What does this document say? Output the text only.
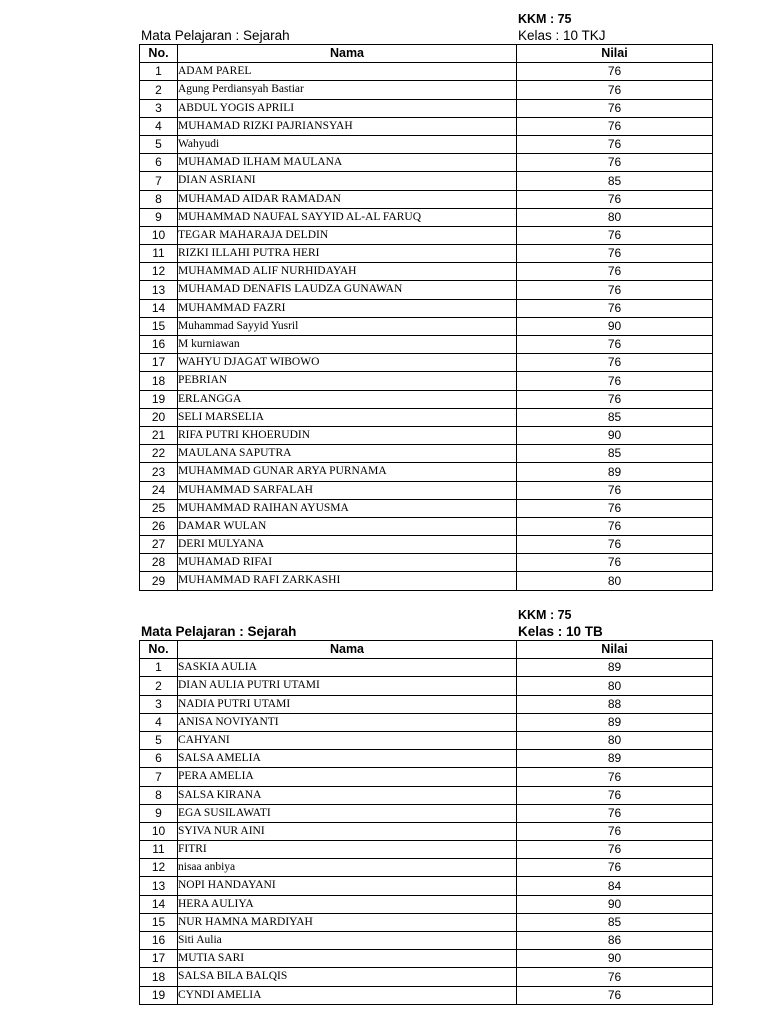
KKM : 75
Mata Pelajaran : Sejarah	Kelas : 10 TKJ
No.	Nama	Nilai
1	ADAM PAREL	76
2	Agung Perdiansyah Bastiar	76
3	ABDUL YOGIS APRILI	76
4	MUHAMAD RIZKI PAJRIANSYAH	76
5	Wahyudi	76
6	MUHAMAD ILHAM MAULANA	76
7	DIAN ASRIANI	85
8	MUHAMAD AIDAR RAMADAN	76
9	MUHAMMAD NAUFAL SAYYID AL-AL FARUQ	80
10	TEGAR MAHARAJA DELDIN	76
11	RIZKI ILLAHI PUTRA HERI	76
12	MUHAMMAD ALIF NURHIDAYAH	76
13	MUHAMAD DENAFIS LAUDZA GUNAWAN	76
14	MUHAMMAD FAZRI	76
15	Muhammad Sayyid Yusril	90
16	M kurniawan	76
17	WAHYU DJAGAT WIBOWO	76
18	PEBRIAN	76
19	ERLANGGA	76
20	SELI MARSELIA	85
21	RIFA PUTRI KHOERUDIN	90
22	MAULANA SAPUTRA	85
23	MUHAMMAD GUNAR ARYA PURNAMA	89
24	MUHAMMAD SARFALAH	76
25	MUHAMMAD RAIHAN AYUSMA	76
26	DAMAR WULAN	76
27	DERI MULYANA	76
28	MUHAMAD RIFAI	76
29	MUHAMMAD RAFI ZARKASHI	80
KKM : 75
Mata Pelajaran : Sejarah	Kelas : 10 TB
No.	Nama	Nilai
1	SASKIA AULIA	89
2	DIAN AULIA PUTRI UTAMI	80
3	NADIA PUTRI UTAMI	88
4	ANISA NOVIYANTI	89
5	CAHYANI	80
6	SALSA AMELIA	89
7	PERA AMELIA	76
8	SALSA KIRANA	76
9	EGA SUSILAWATI	76
10	SYIVA NUR AINI	76
11	FITRI	76
12	nisaa anbiya	76
13	NOPI HANDAYANI	84
14	HERA AULIYA	90
15	NUR HAMNA MARDIYAH	85
16	Siti Aulia	86
17	MUTIA SARI	90
18	SALSA BILA BALQIS	76
19	CYNDI AMELIA	76
